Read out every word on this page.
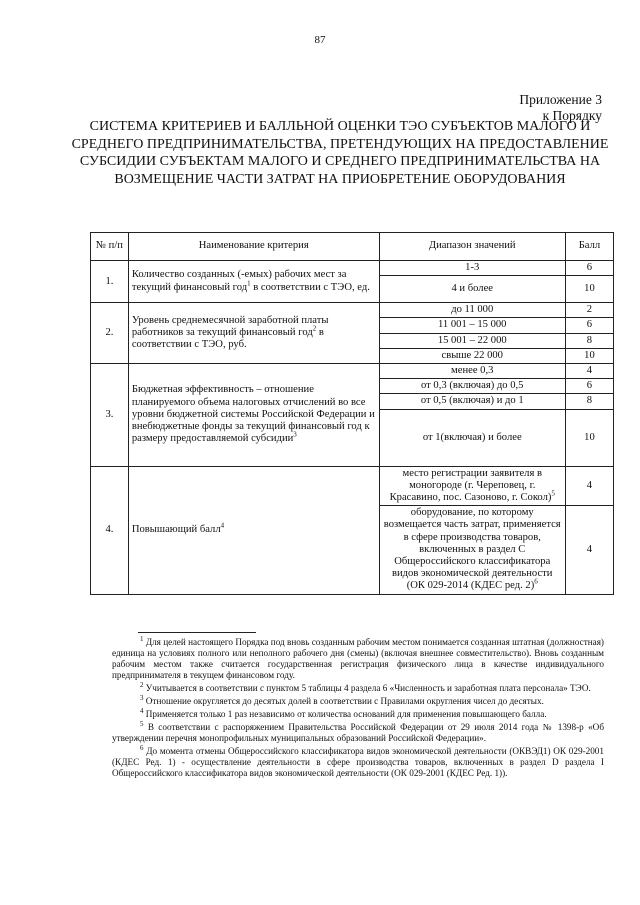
87
Приложение 3
к Порядку
СИСТЕМА КРИТЕРИЕВ И БАЛЛЬНОЙ ОЦЕНКИ ТЭО СУБЪЕКТОВ МАЛОГО И СРЕДНЕГО ПРЕДПРИНИМАТЕЛЬСТВА, ПРЕТЕНДУЮЩИХ НА ПРЕДОСТАВЛЕНИЕ СУБСИДИИ СУБЪЕКТАМ МАЛОГО И СРЕДНЕГО ПРЕДПРИНИМАТЕЛЬСТВА НА ВОЗМЕЩЕНИЕ ЧАСТИ ЗАТРАТ НА ПРИОБРЕТЕНИЕ ОБОРУДОВАНИЯ
№ п/п	Наименование критерия	Диапазон значений	Балл
1.	Количество созданных (-емых) рабочих мест за текущий финансовый год$^1$ в соответствии с ТЭО, ед.	1-3	6
		4 и более	10
2.	Уровень среднемесячной заработной платы работников за текущий финансовый год$^2$ в соответствии с ТЭО, руб.	до 11 000	2
		11 001 – 15 000	6
		15 001 – 22 000	8
		свыше 22 000	10
3.	Бюджетная эффективность – отношение планируемого объема налоговых отчислений во все уровни бюджетной системы Российской Федерации и внебюджетные фонды за текущий финансовый год к размеру предоставляемой субсидии$^3$	менее 0,3	4
		от 0,3 (включая) до 0,5	6
		от 0,5 (включая) и до 1	8
		от 1(включая) и более	10
4.	Повышающий балл$^4$	место регистрации заявителя в моногороде (г. Череповец, г. Красавино, пос. Сазоново, г. Сокол)$^5$	4
		оборудование, по которому возмещается часть затрат, применяется в сфере производства товаров, включенных в раздел С Общероссийского классификатора видов экономической деятельности (ОК 029-2014 (КДЕС ред. 2)$^6$	4

$^1$ Для целей настоящего Порядка под вновь созданным рабочим местом понимается созданная штатная (должностная) единица на условиях полного или неполного рабочего дня (смены) (включая внешнее совместительство). Вновь созданным рабочим местом также считается государственная регистрация физического лица в качестве индивидуального предпринимателя в текущем финансовом году.

$^2$ Учитывается в соответствии с пунктом 5 таблицы 4 раздела 6 «Численность и заработная плата персонала» ТЭО.

$^3$ Отношение округляется до десятых долей в соответствии с Правилами округления чисел до десятых.

$^4$ Применяется только 1 раз независимо от количества оснований для применения повышающего балла.

$^5$ В соответствии с распоряжением Правительства Российской Федерации от 29 июля 2014 года № 1398-р «Об утверждении перечня монопрофильных муниципальных образований Российской Федерации».

$^6$ До момента отмены Общероссийского классификатора видов экономической деятельности (ОКВЭД1) ОК 029-2001 (КДЕС Ред. 1) - осуществление деятельности в сфере производства товаров, включенных в раздел D раздела I Общероссийского классификатора видов экономической деятельности (ОК 029-2001 (КДЕС Ред. 1)).
